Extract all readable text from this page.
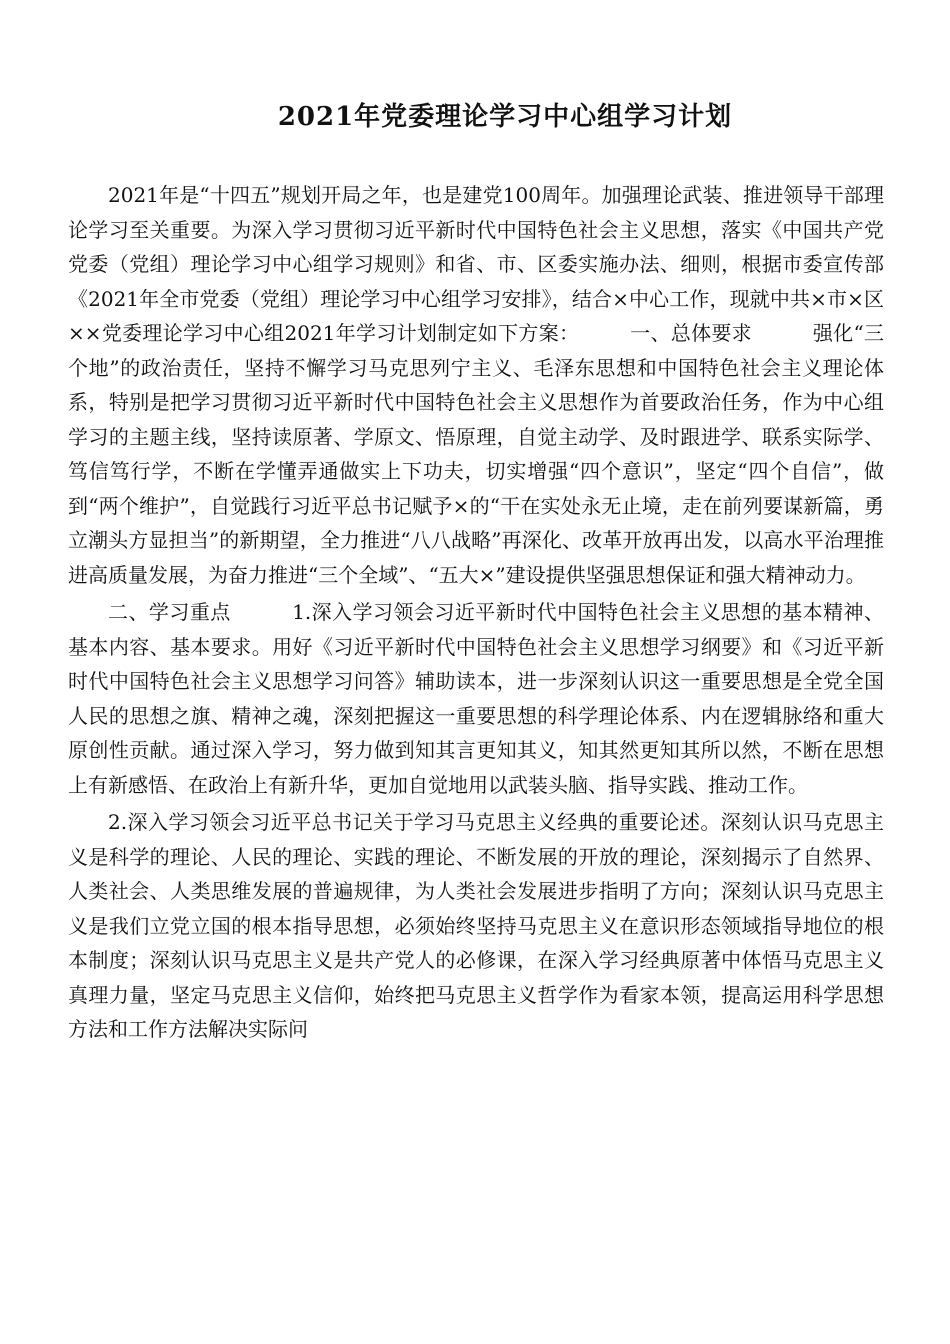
2021年党委理论学习中心组学习计划

2021年是“十四五”规划开局之年，也是建党100周年。加强理论武装、推进领导干部理论学习至关重要。为深入学习贯彻习近平新时代中国特色社会主义思想，落实《中国共产党党委（党组）理论学习中心组学习规则》和省、市、区委实施办法、细则，根据市委宣传部《2021年全市党委（党组）理论学习中心组学习安排》，结合×中心工作，现就中共×市×区××党委理论学习中心组2021年学习计划制定如下方案：　　　一、总体要求　　　强化“三个地”的政治责任，坚持不懈学习马克思列宁主义、毛泽东思想和中国特色社会主义理论体系，特别是把学习贯彻习近平新时代中国特色社会主义思想作为首要政治任务，作为中心组学习的主题主线，坚持读原著、学原文、悟原理，自觉主动学、及时跟进学、联系实际学、笃信笃行学，不断在学懂弄通做实上下功夫，切实增强“四个意识”，坚定“四个自信”，做到“两个维护”，自觉践行习近平总书记赋予×的“干在实处永无止境，走在前列要谋新篇，勇立潮头方显担当”的新期望，全力推进“八八战略”再深化、改革开放再出发，以高水平治理推进高质量发展，为奋力推进“三个全域”、“五大×”建设提供坚强思想保证和强大精神动力。

二、学习重点　　　1.深入学习领会习近平新时代中国特色社会主义思想的基本精神、基本内容、基本要求。用好《习近平新时代中国特色社会主义思想学习纲要》和《习近平新时代中国特色社会主义思想学习问答》辅助读本，进一步深刻认识这一重要思想是全党全国人民的思想之旗、精神之魂，深刻把握这一重要思想的科学理论体系、内在逻辑脉络和重大原创性贡献。通过深入学习，努力做到知其言更知其义，知其然更知其所以然，不断在思想上有新感悟、在政治上有新升华，更加自觉地用以武装头脑、指导实践、推动工作。

2.深入学习领会习近平总书记关于学习马克思主义经典的重要论述。深刻认识马克思主义是科学的理论、人民的理论、实践的理论、不断发展的开放的理论，深刻揭示了自然界、人类社会、人类思维发展的普遍规律，为人类社会发展进步指明了方向；深刻认识马克思主义是我们立党立国的根本指导思想，必须始终坚持马克思主义在意识形态领域指导地位的根本制度；深刻认识马克思主义是共产党人的必修课，在深入学习经典原著中体悟马克思主义真理力量，坚定马克思主义信仰，始终把马克思主义哲学作为看家本领，提高运用科学思想方法和工作方法解决实际问
